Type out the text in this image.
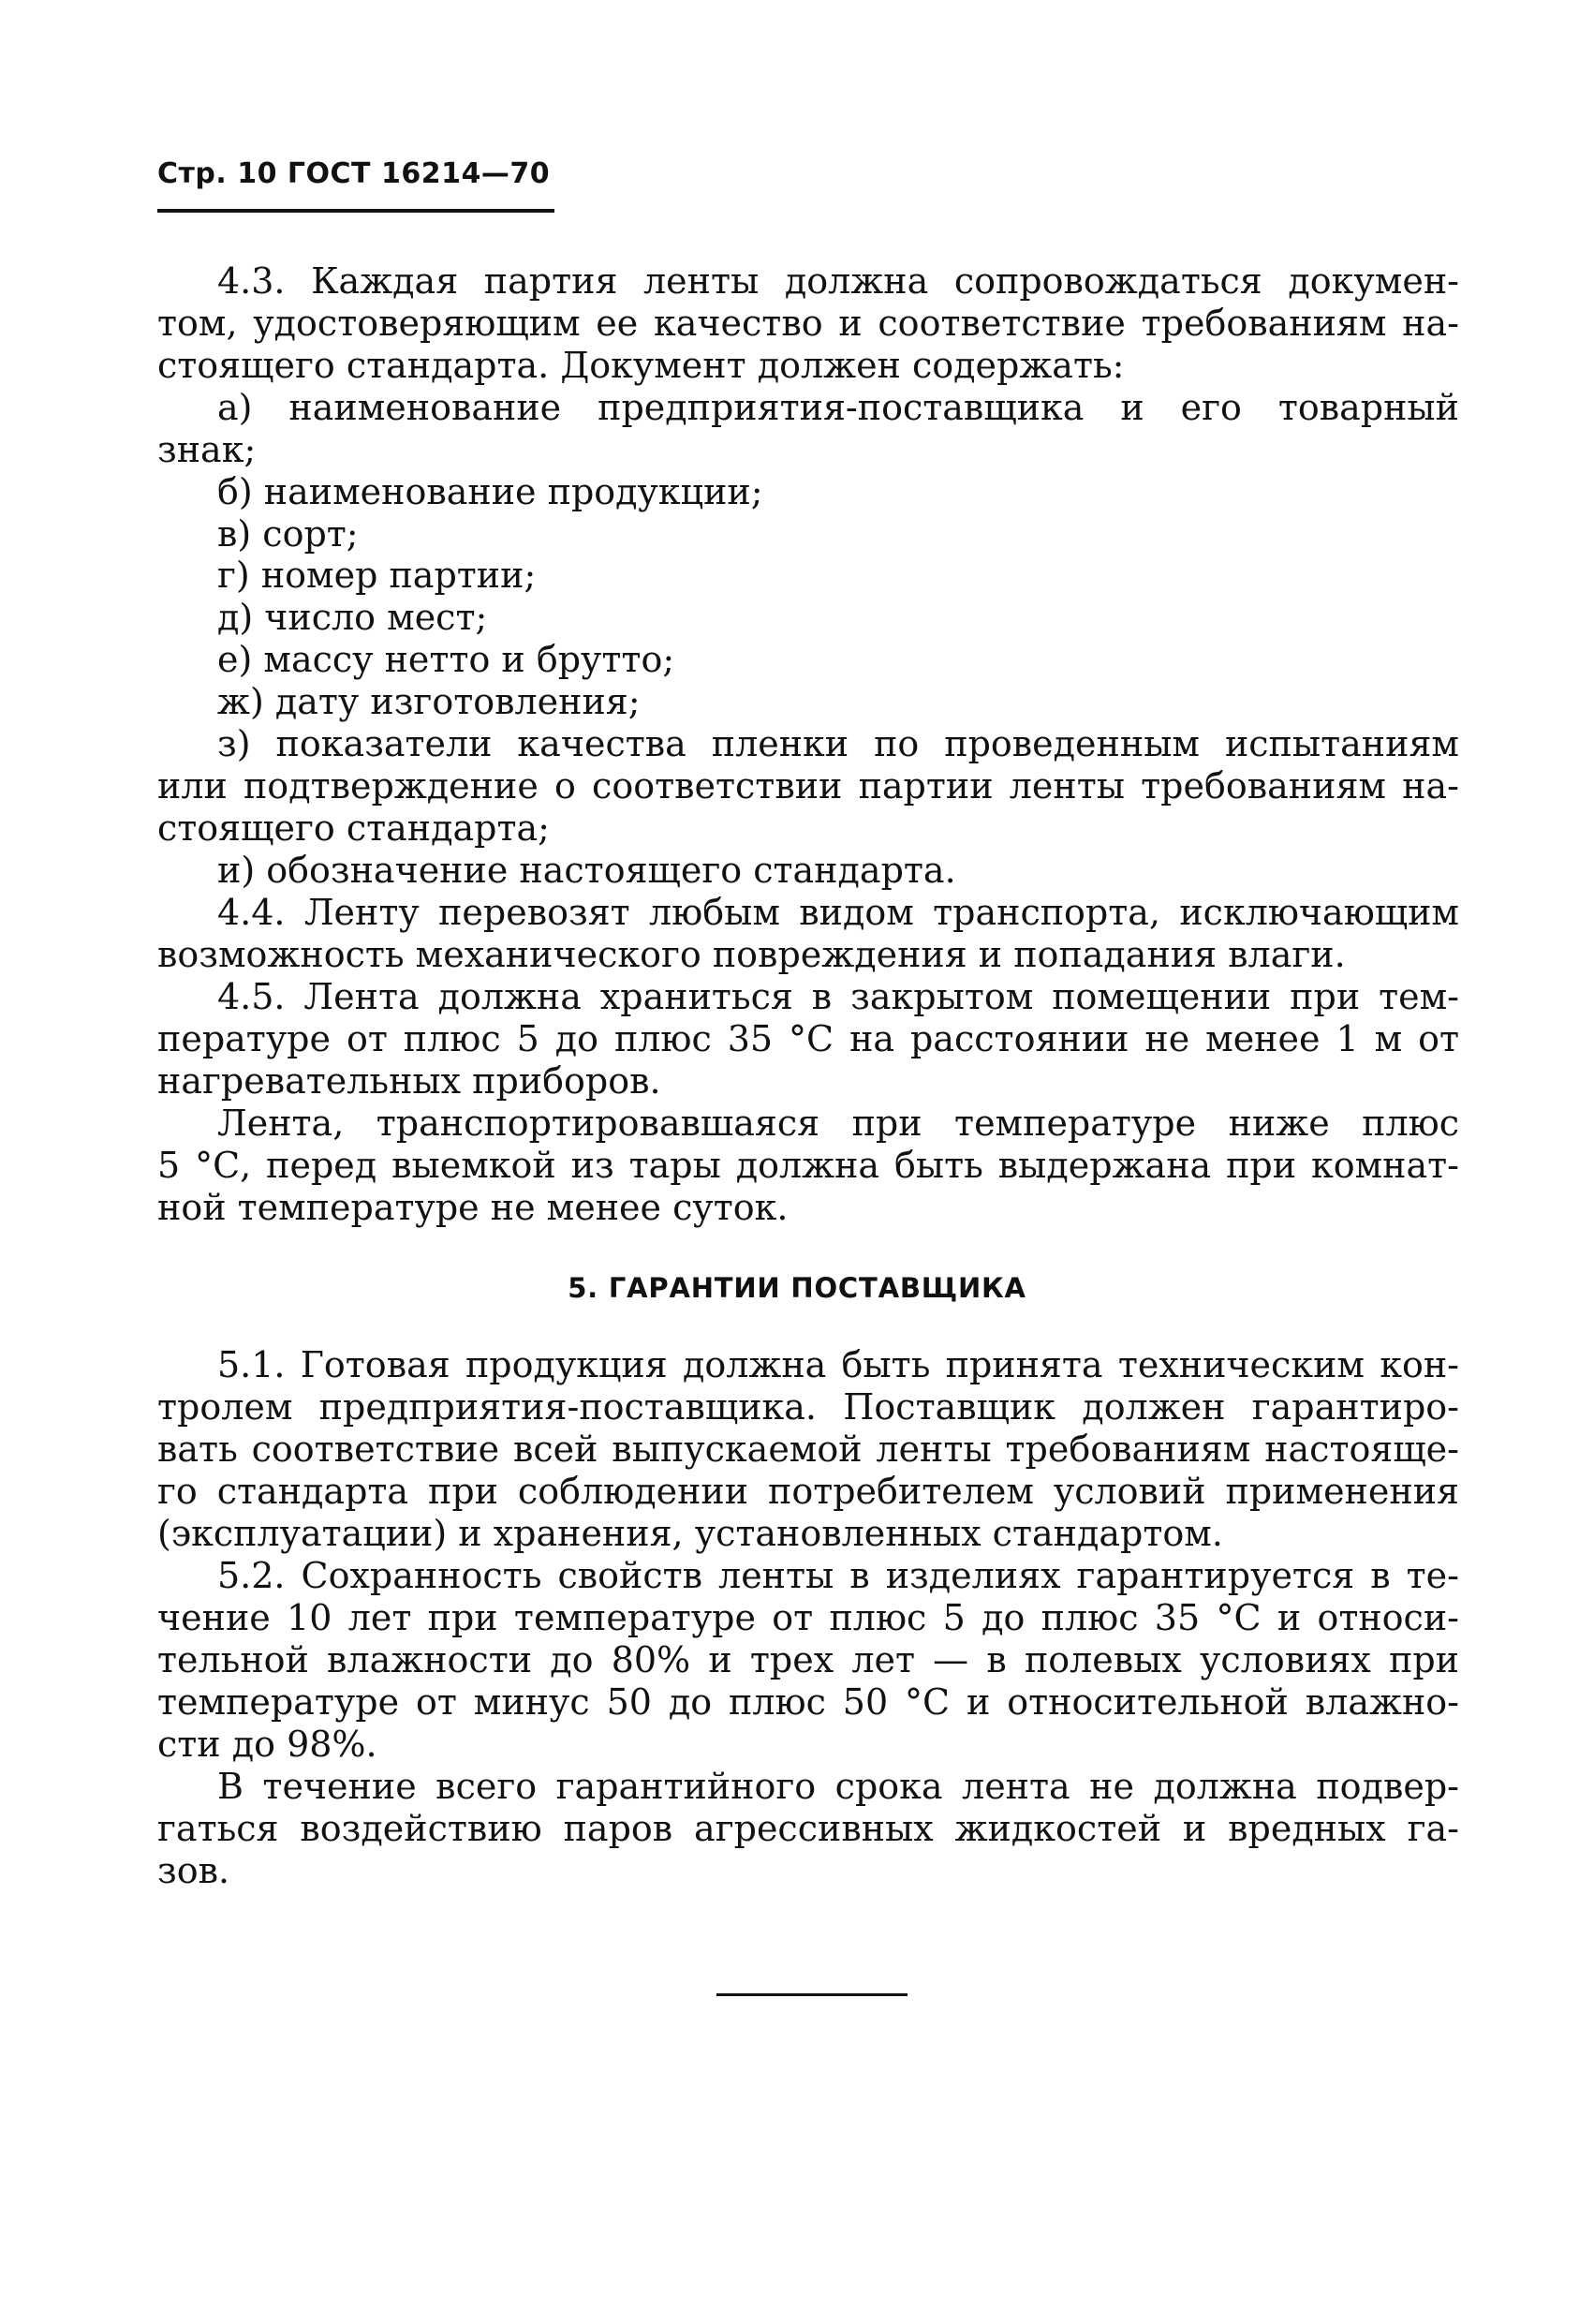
Стр. 10 ГОСТ 16214—70
4.3. Каждая партия ленты должна сопровождаться докумен-
том, удостоверяющим ее качество и соответствие требованиям на-
стоящего стандарта. Документ должен содержать:
а) наименование предприятия-поставщика и его товарный
знак;
б) наименование продукции;
в) сорт;
г) номер партии;
д) число мест;
е) массу нетто и брутто;
ж) дату изготовления;
з) показатели качества пленки по проведенным испытаниям
или подтверждение о соответствии партии ленты требованиям на-
стоящего стандарта;
и) обозначение настоящего стандарта.
4.4. Ленту перевозят любым видом транспорта, исключающим
возможность механического повреждения и попадания влаги.
4.5. Лента должна храниться в закрытом помещении при тем-
пературе от плюс 5 до плюс 35 °С на расстоянии не менее 1 м от
нагревательных приборов.
Лента, транспортировавшаяся при температуре ниже плюс
5 °С, перед выемкой из тары должна быть выдержана при комнат-
ной температуре не менее суток.
5. ГАРАНТИИ ПОСТАВЩИКА
5.1. Готовая продукция должна быть принята техническим кон-
тролем предприятия-поставщика. Поставщик должен гарантиро-
вать соответствие всей выпускаемой ленты требованиям настояще-
го стандарта при соблюдении потребителем условий применения
(эксплуатации) и хранения, установленных стандартом.
5.2. Сохранность свойств ленты в изделиях гарантируется в те-
чение 10 лет при температуре от плюс 5 до плюс 35 °С и относи-
тельной влажности до 80% и трех лет — в полевых условиях при
температуре от минус 50 до плюс 50 °С и относительной влажно-
сти до 98%.
В течение всего гарантийного срока лента не должна подвер-
гаться воздействию паров агрессивных жидкостей и вредных га-
зов.
